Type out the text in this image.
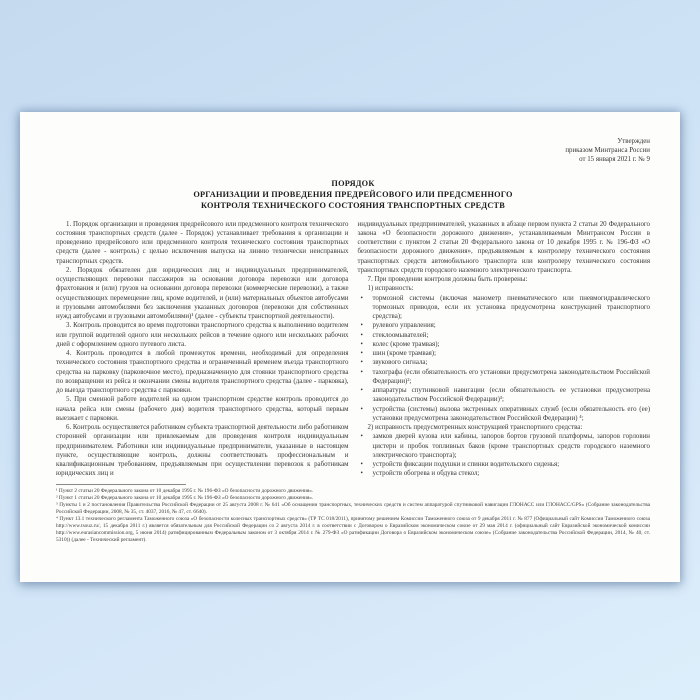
Утвержден
приказом Минтранса России
от 15 января 2021 г. № 9
ПОРЯДОК
ОРГАНИЗАЦИИ И ПРОВЕДЕНИЯ ПРЕДРЕЙСОВОГО ИЛИ ПРЕДСМЕННОГО
КОНТРОЛЯ ТЕХНИЧЕСКОГО СОСТОЯНИЯ ТРАНСПОРТНЫХ СРЕДСТВ

1. Порядок организации и проведения предрейсового или предсменного контроля технического состояния транспортных средств (далее - Порядок) устанавливает требования к организации и проведению предрейсового или предсменного контроля технического состояния транспортных средств (далее - контроль) с целью исключения выпуска на линию технически неисправных транспортных средств.

2. Порядок обязателен для юридических лиц и индивидуальных предпринимателей, осуществляющих перевозки пассажиров на основании договора перевозки или договора фрахтования и (или) грузов на основании договора перевозки (коммерческие перевозки), а также осуществляющих перемещение лиц, кроме водителей, и (или) материальных объектов автобусами и грузовыми автомобилями без заключения указанных договоров (перевозки для собственных нужд автобусами и грузовыми автомобилями)¹ (далее - субъекты транспортной деятельности).

3. Контроль проводится во время подготовки транспортного средства к выполнению водителем или группой водителей одного или нескольких рейсов в течение одного или нескольких рабочих дней с оформлением одного путевого листа.

4. Контроль проводится в любой промежуток времени, необходимый для определения технического состояния транспортного средства и ограниченный временем въезда транспортного средства на парковку (парковочное место), предназначенную для стоянки транспортного средства по возвращении из рейса и окончании смены водителя транспортного средства (далее - парковка), до выезда транспортного средства с парковки.

5. При сменной работе водителей на одном транспортном средстве контроль проводится до начала рейса или смены (рабочего дня) водителя транспортного средства, который первым выезжает с парковки.

6. Контроль осуществляется работником субъекта транспортной деятельности либо работником сторонней организации или привлекаемым для проведения контроля индивидуальным предпринимателем. Работники или индивидуальные предприниматели, указанные в настоящем пункте, осуществляющие контроль, должны соответствовать профессиональным и квалификационным требованиям, предъявляемым при осуществлении перевозок к работникам юридических лиц и

индивидуальных предпринимателей, указанных в абзаце первом пункта 2 статьи 20 Федерального закона «О безопасности дорожного движения», устанавливаемым Минтрансом России в соответствии с пунктом 2 статьи 20 Федерального закона от 10 декабря 1995 г. № 196-ФЗ «О безопасности дорожного движения», предъявляемым к контролеру технического состояния транспортных средств автомобильного транспорта или контролеру технического состояния транспортных средств городского наземного электрического транспорта.

7. При проведении контроля должны быть проверены:

1) исправность:

• тормозной системы (включая манометр пневматического или пневмогидравлического тормозных приводов, если их установка предусмотрена конструкцией транспортного средства);
• рулевого управления;
• стеклоомывателей;
• колес (кроме трамвая);
• шин (кроме трамвая);
• звукового сигнала;
• тахографа (если обязательность его установки предусмотрена законодательством Российской Федерации)²;
• аппаратуры спутниковой навигации (если обязательность ее установки предусмотрена законодательством Российской Федерации)³;
• устройства (системы) вызова экстренных оперативных служб (если обязательность его (ее) установки предусмотрена законодательством Российской Федерации) ⁴;

2) исправность предусмотренных конструкцией транспортного средства:

• замков дверей кузова или кабины, запоров бортов грузовой платформы, запоров горловин цистерн и пробок топливных баков (кроме транспортных средств городского наземного электрического транспорта);
• устройств фиксации подушки и спинки водительского сиденья;
• устройств обогрева и обдува стекол;

¹ Пункт 2 статьи 20 Федерального закона от 10 декабря 1995 г. № 196-ФЗ «О безопасности дорожного движения».

² Пункт 1 статьи 20 Федерального закона от 10 декабря 1995 г. № 196-ФЗ «О безопасности дорожного движения».

³ Пункты 1 и 2 постановления Правительства Российской Федерации от 25 августа 2008 г. № 641 «Об оснащении транспортных, технических средств и систем аппаратурой спутниковой навигации ГЛОНАСС или ГЛОНАСС/GPS» (Собрание законодательства Российской Федерации, 2008, № 35, ст. 4037, 2016, № 47, ст. 6640).

⁴ Пункт 13.1 технического регламента Таможенного союза «О безопасности колесных транспортных средств» (ТР ТС 018/2011), принятому решением Комиссии Таможенного союза от 9 декабря 2011 г. № 877 (Официальный сайт Комиссии Таможенного союза http://www.tsouz.ru/, 15 декабря 2011 г.) является обязательным для Российской Федерации со 2 августа 2014 г. в соответствии с Договором о Евразийском экономическом союзе от 29 мая 2014 г. (официальный сайт Евразийской экономической комиссии http://www.eurasiancommission.org, 5 июня 2014) ратифицированным Федеральным законом от 3 октября 2014 г. № 279-ФЗ «О ратификации Договора о Евразийском экономическом союзе» (Собрание законодательства Российской Федерации, 2014, № 40, ст. 5310)) (далее - Технический регламент).
